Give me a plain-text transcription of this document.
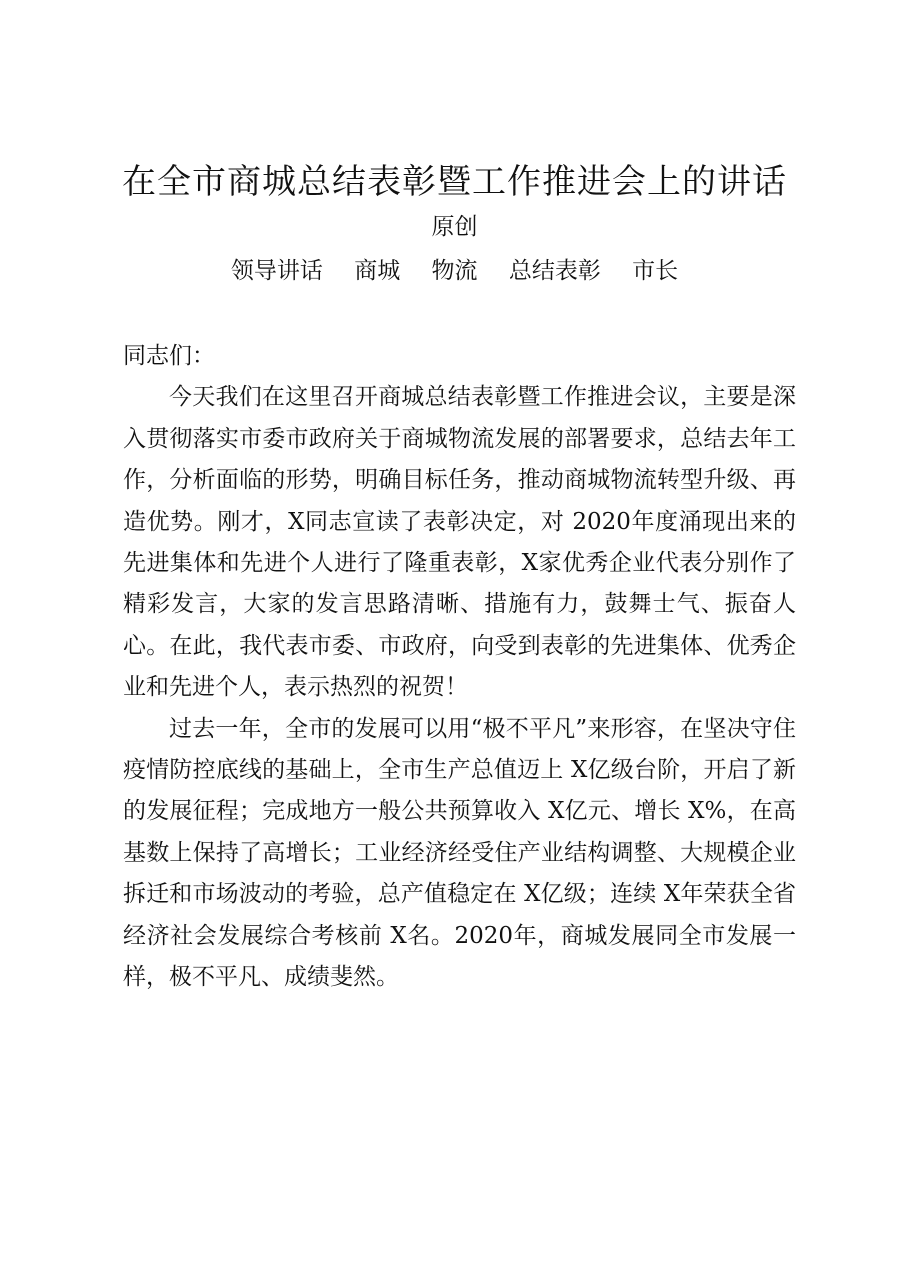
在全市商城总结表彰暨工作推进会上的讲话
原创
领导讲话 商城 物流 总结表彰 市长

同志们：

今天我们在这里召开商城总结表彰暨工作推进会议，主要是深入贯彻落实市委市政府关于商城物流发展的部署要求，总结去年工作，分析面临的形势，明确目标任务，推动商城物流转型升级、再造优势。刚才，X同志宣读了表彰决定，对 2020年度涌现出来的先进集体和先进个人进行了隆重表彰，X家优秀企业代表分别作了精彩发言，大家的发言思路清晰、措施有力，鼓舞士气、振奋人心。在此，我代表市委、市政府，向受到表彰的先进集体、优秀企业和先进个人，表示热烈的祝贺！

过去一年，全市的发展可以用“极不平凡”来形容，在坚决守住疫情防控底线的基础上，全市生产总值迈上 X亿级台阶，开启了新的发展征程；完成地方一般公共预算收入 X亿元、增长 X%，在高基数上保持了高增长；工业经济经受住产业结构调整、大规模企业拆迁和市场波动的考验，总产值稳定在 X亿级；连续 X年荣获全省经济社会发展综合考核前 X名。2020年，商城发展同全市发展一样，极不平凡、成绩斐然。
